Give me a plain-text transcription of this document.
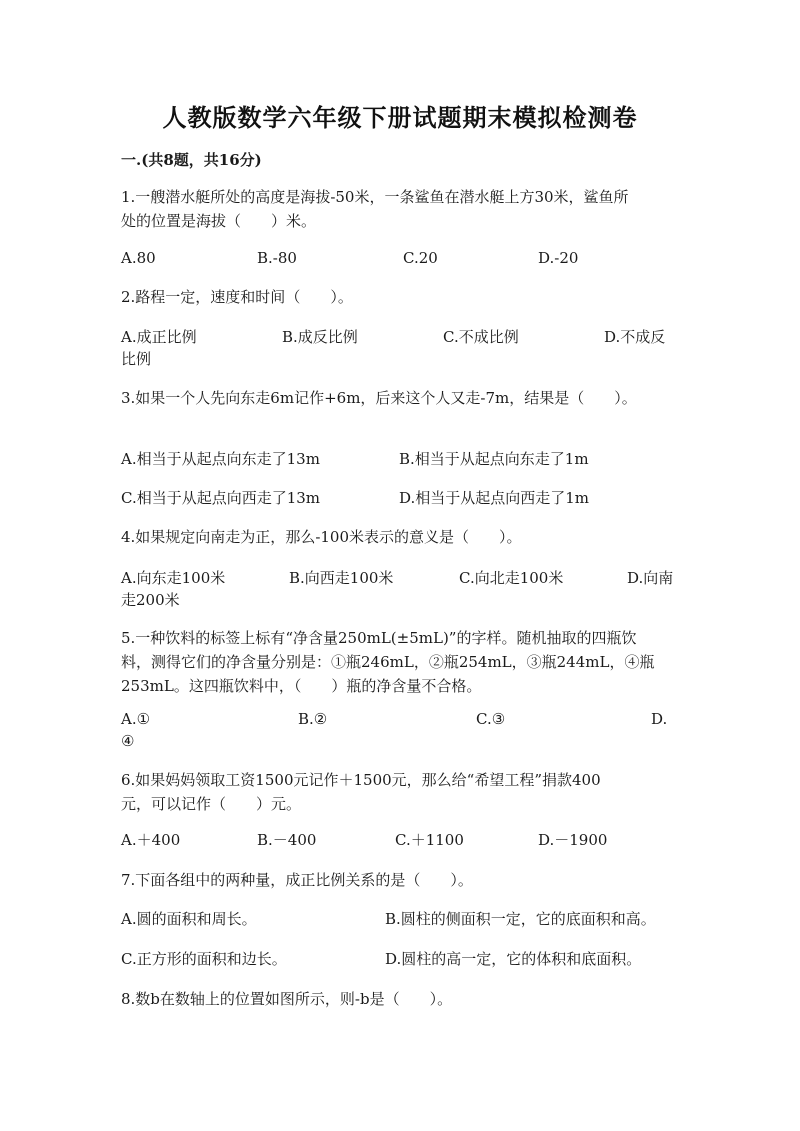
人教版数学六年级下册试题期末模拟检测卷
一.(共8题，共16分)
1.一艘潜水艇所处的高度是海拔-50米，一条鲨鱼在潜水艇上方30米，鲨鱼所
处的位置是海拔（　　）米。
A.80	B.-80	C.20	D.-20
2.路程一定，速度和时间（　　）。
A.成正比例	B.成反比例	C.不成比例	D.不成反
比例
3.如果一个人先向东走6m记作+6m，后来这个人又走-7m，结果是（　　）。
A.相当于从起点向东走了13m	B.相当于从起点向东走了1m
C.相当于从起点向西走了13m	D.相当于从起点向西走了1m
4.如果规定向南走为正，那么-100米表示的意义是（　　）。
A.向东走100米	B.向西走100米	C.向北走100米	D.向南
走200米
5.一种饮料的标签上标有“净含量250mL(±5mL)”的字样。随机抽取的四瓶饮
料，测得它们的净含量分别是：①瓶246mL，②瓶254mL，③瓶244mL，④瓶
253mL。这四瓶饮料中，（　　）瓶的净含量不合格。
A.①	B.②	C.③	D.
④
6.如果妈妈领取工资1500元记作＋1500元，那么给“希望工程”捐款400
元，可以记作（　　）元。
A.＋400	B.－400	C.＋1100	D.－1900
7.下面各组中的两种量，成正比例关系的是（　　）。
A.圆的面积和周长。	B.圆柱的侧面积一定，它的底面积和高。
C.正方形的面积和边长。	D.圆柱的高一定，它的体积和底面积。
8.数b在数轴上的位置如图所示，则-b是（　　）。
